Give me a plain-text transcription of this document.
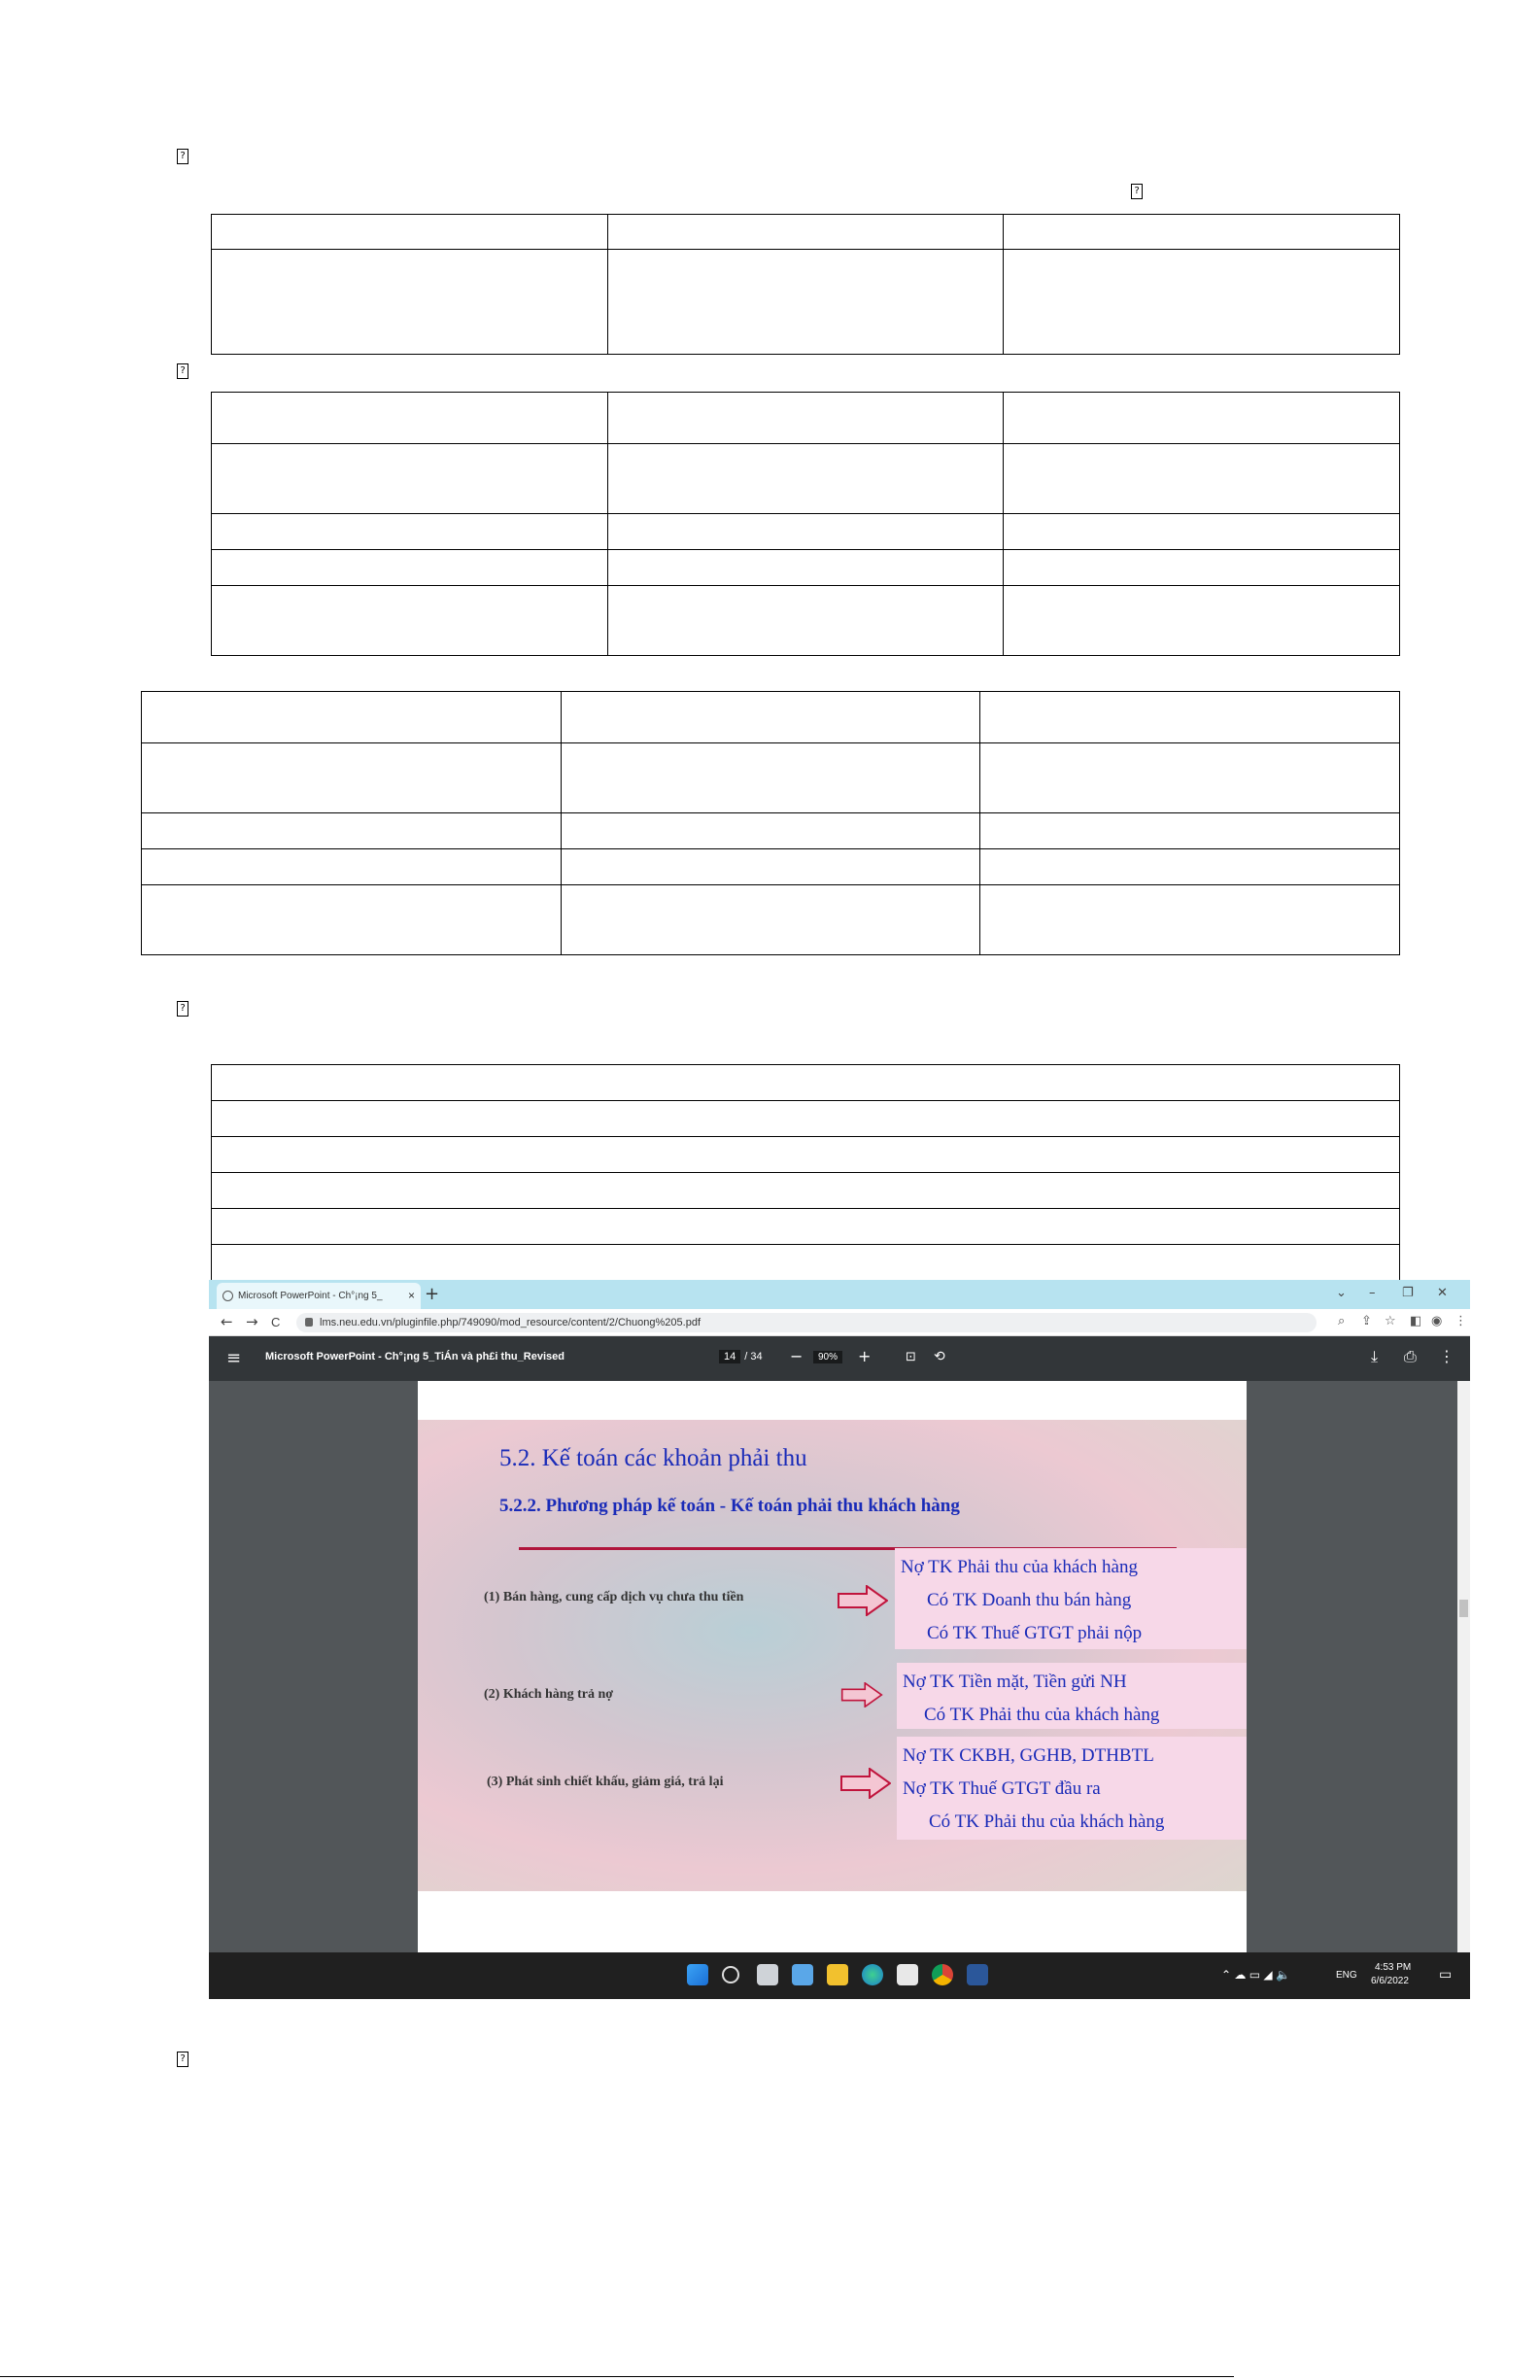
?
?
?
?
?

Microsoft PowerPoint - Ch°¡ng 5_ × +	⌄ – ❐ ✕
← → C	lms.neu.edu.vn/pluginfile.php/749090/mod_resource/content/2/Chuong%205.pdf	⌕ ⇪ ☆ ◧ ◉ ⋮
≡ Microsoft PowerPoint - Ch°¡ng 5_TiÁn và ph£i thu_Revised	14 / 34 −	90%	+	⊡ ⟲	⤓ ⎙ ⋮
5.2. Kế toán các khoản phải thu
5.2.2. Phương pháp kế toán - Kế toán phải thu khách hàng
(1) Bán hàng, cung cấp dịch vụ chưa thu tiền
Nợ TK Phải thu của khách hàng
Có TK Doanh thu bán hàng
Có TK Thuế GTGT phải nộp
(2) Khách hàng trả nợ
Nợ TK Tiền mặt, Tiền gửi NH
Có TK Phải thu của khách hàng
(3) Phát sinh chiết khấu, giảm giá, trả lại
Nợ TK CKBH, GGHB, DTHBTL
Nợ TK Thuế GTGT đầu ra
Có TK Phải thu của khách hàng
⌃ ☁ ▭ ◢ 🔈	ENG
4:53 PM
6/6/2022 ▭
